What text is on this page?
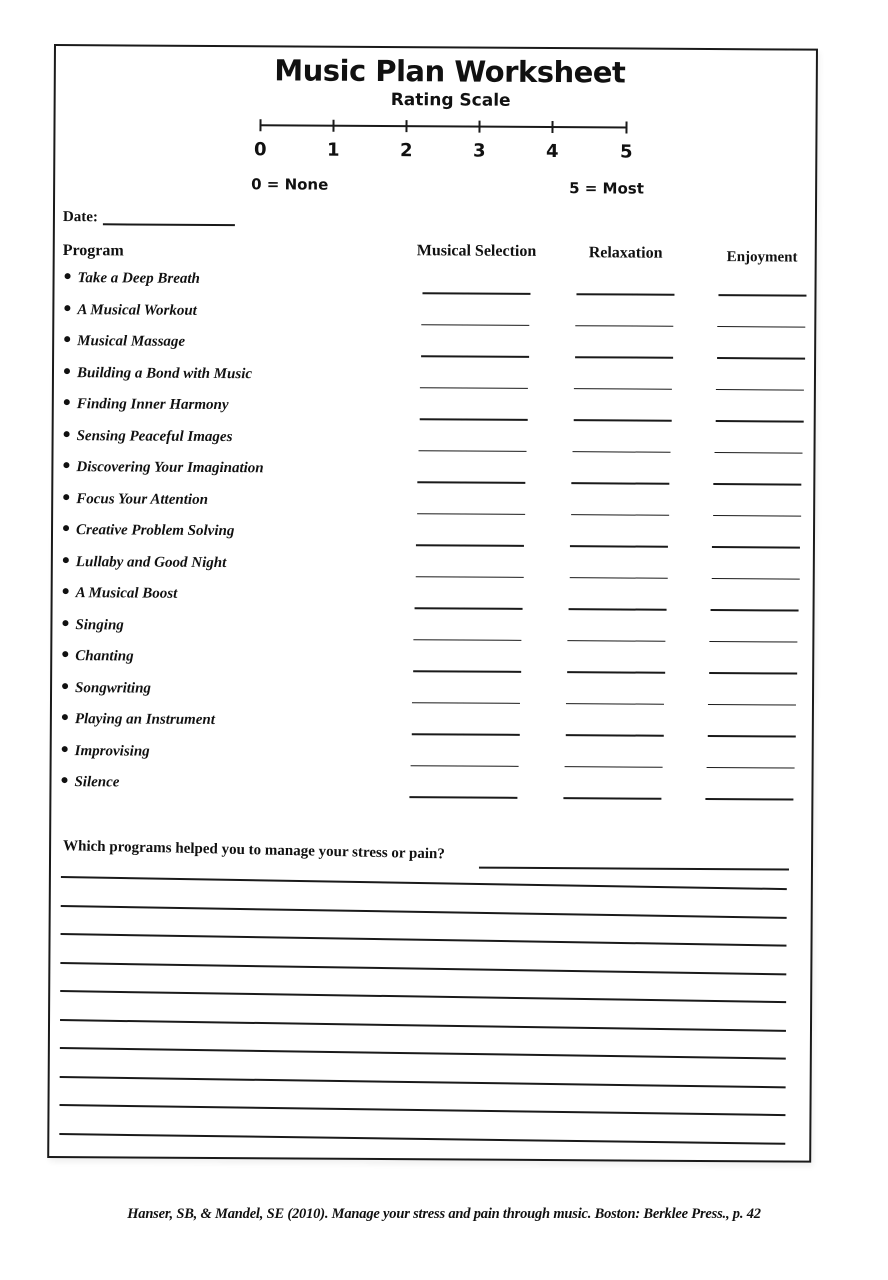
Music Plan Worksheet
Rating Scale
0	1	2	3	4	5
0 = None	5 = Most
Date:
Program	Musical Selection	Relaxation	Enjoyment
Take a Deep Breath
A Musical Workout
Musical Massage
Building a Bond with Music
Finding Inner Harmony
Sensing Peaceful Images
Discovering Your Imagination
Focus Your Attention
Creative Problem Solving
Lullaby and Good Night
A Musical Boost
Singing
Chanting
Songwriting
Playing an Instrument
Improvising
Silence
Which programs helped you to manage your stress or pain?
Hanser, SB, & Mandel, SE (2010). Manage your stress and pain through music. Boston: Berklee Press., p. 42
